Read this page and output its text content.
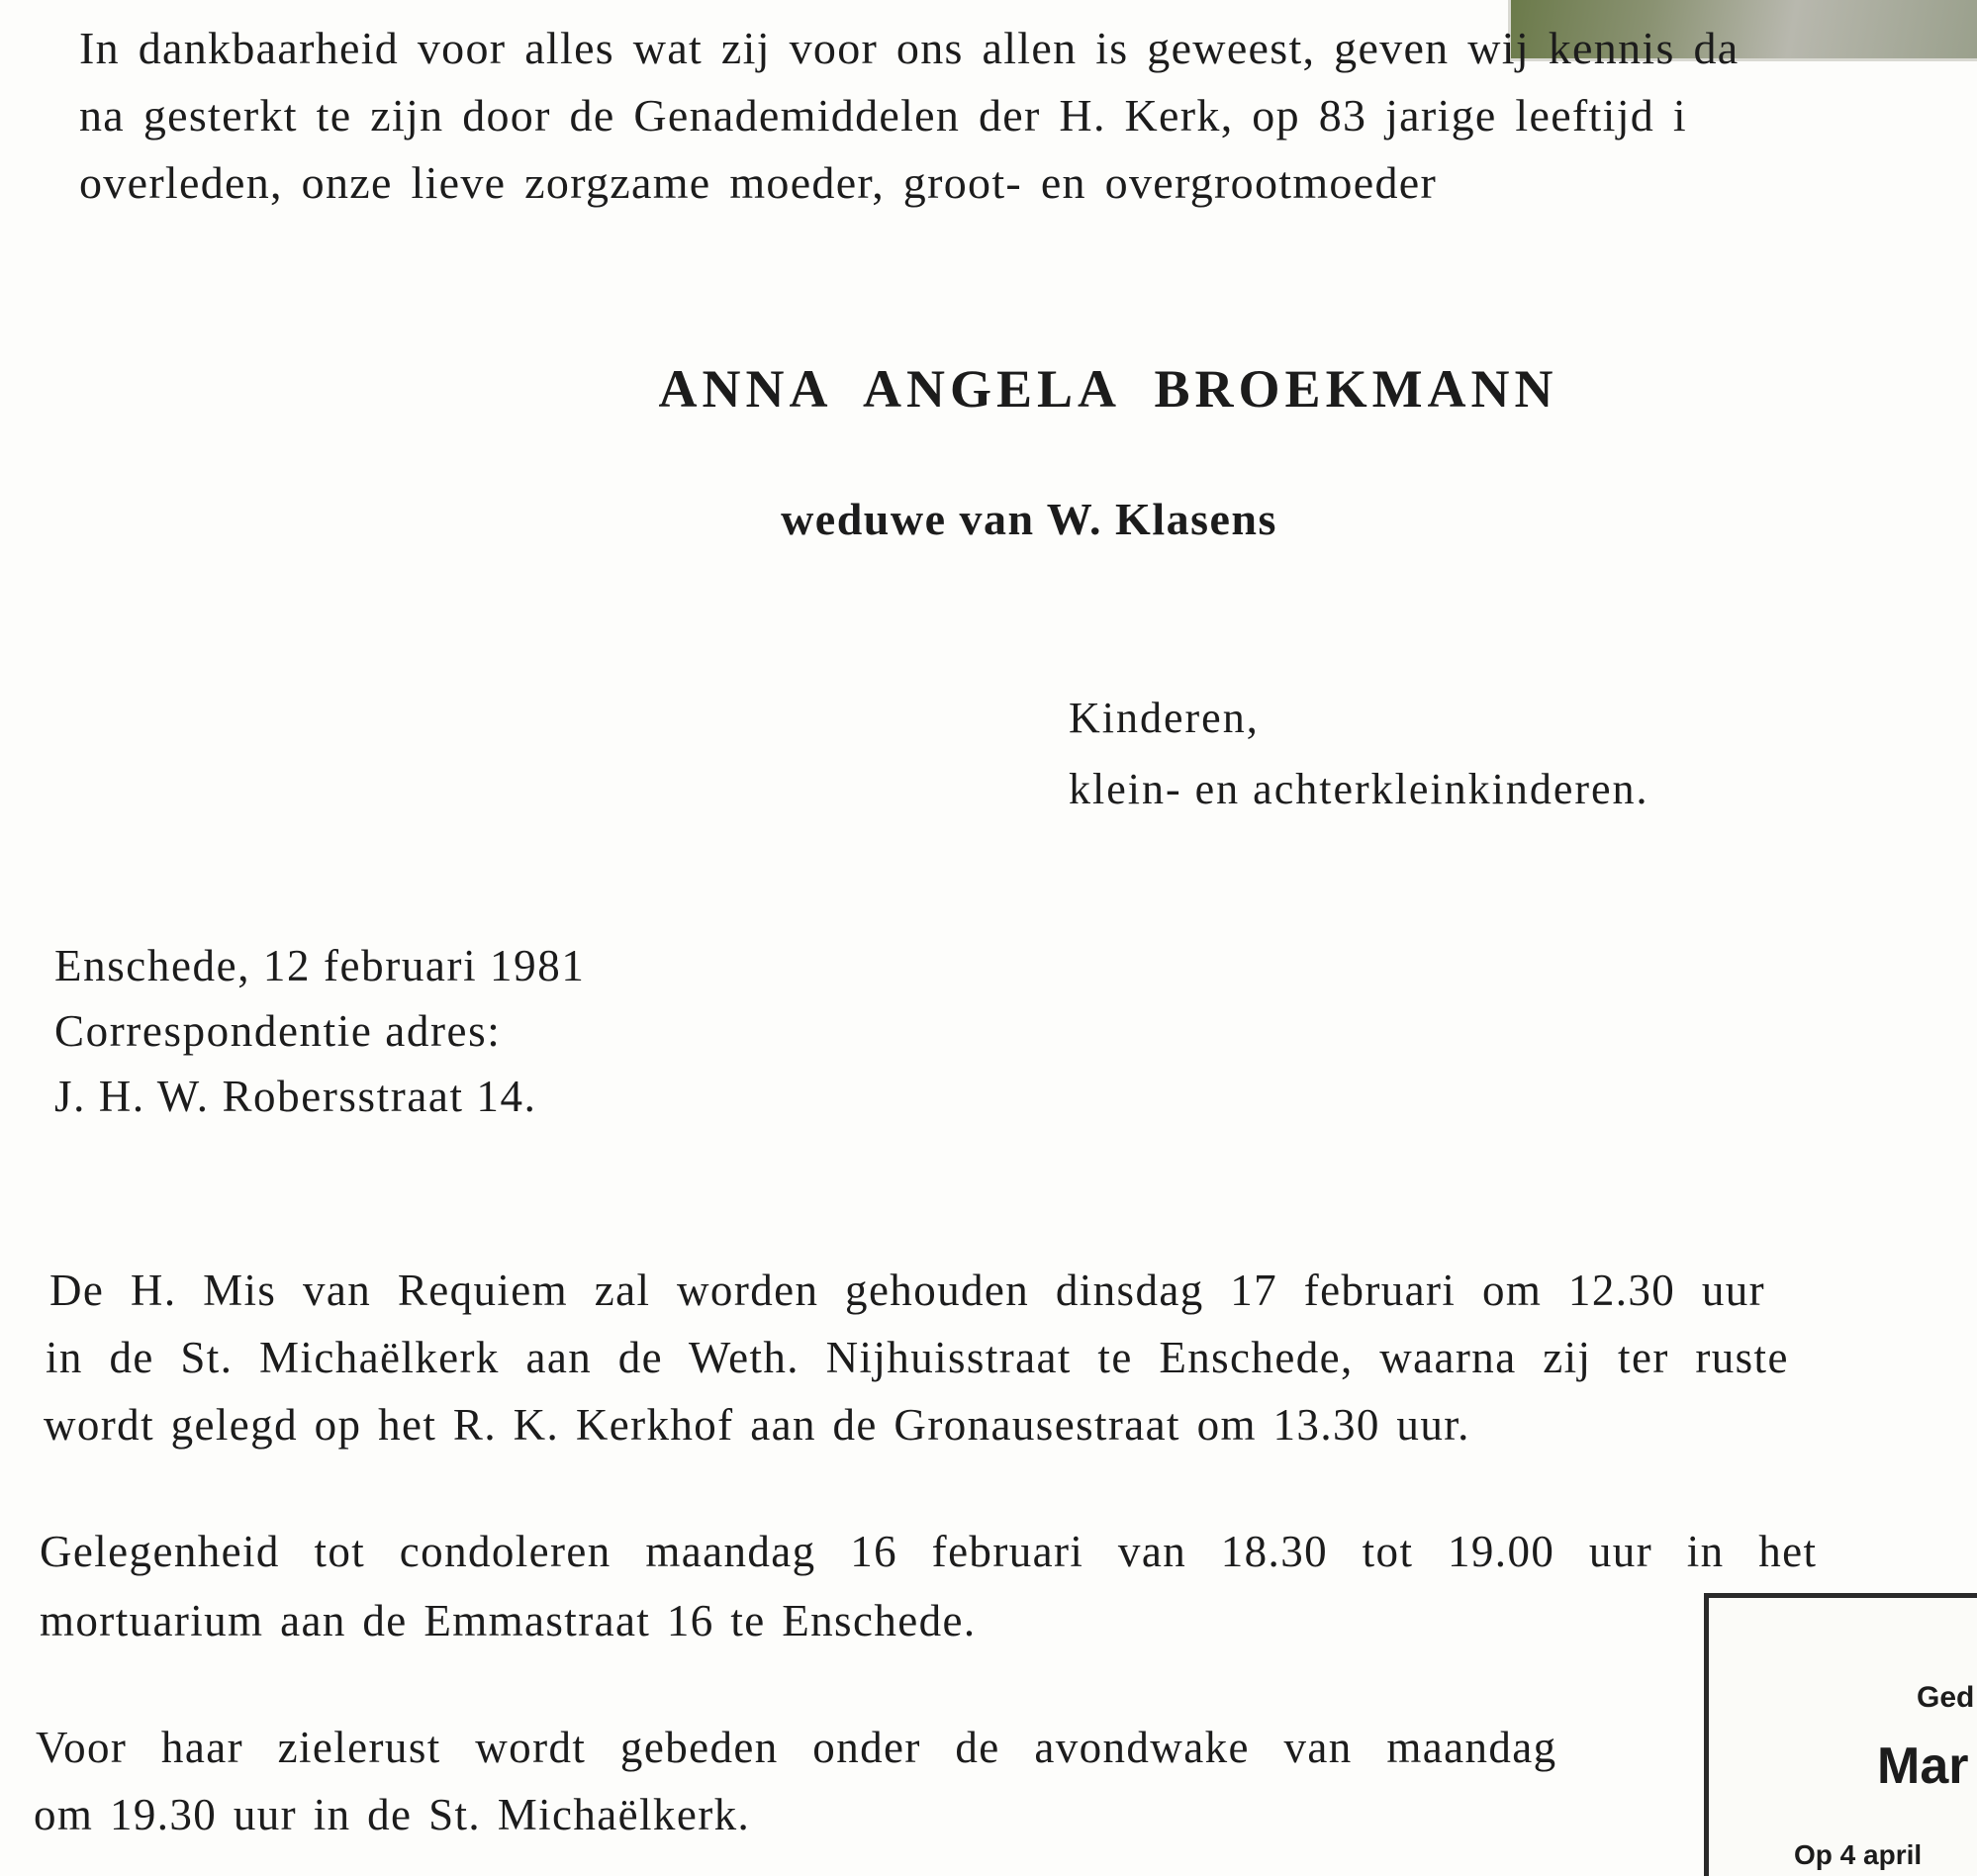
In dankbaarheid voor alles wat zij voor ons allen is geweest, geven wij kennis da

na gesterkt te zijn door de Genademiddelen der H. Kerk, op 83 jarige leeftijd i

overleden, onze lieve zorgzame moeder, groot- en overgrootmoeder

ANNA ANGELA BROEKMANN

weduwe van W. Klasens

Kinderen,

klein- en achterkleinkinderen.

Enschede, 12 februari 1981

Correspondentie adres:

J. H. W. Robersstraat 14.

De H. Mis van Requiem zal worden gehouden dinsdag 17 februari om 12.30 uur

in de St. Michaëlkerk aan de Weth. Nijhuisstraat te Enschede, waarna zij ter ruste

wordt gelegd op het R. K. Kerkhof aan de Gronausestraat om 13.30 uur.

Gelegenheid tot condoleren maandag 16 februari van 18.30 tot 19.00 uur in het

mortuarium aan de Emmastraat 16 te Enschede.

Voor haar zielerust wordt gebeden onder de avondwake van maandag

om 19.30 uur in de St. Michaëlkerk.

Ged
Mar
Op 4 april
